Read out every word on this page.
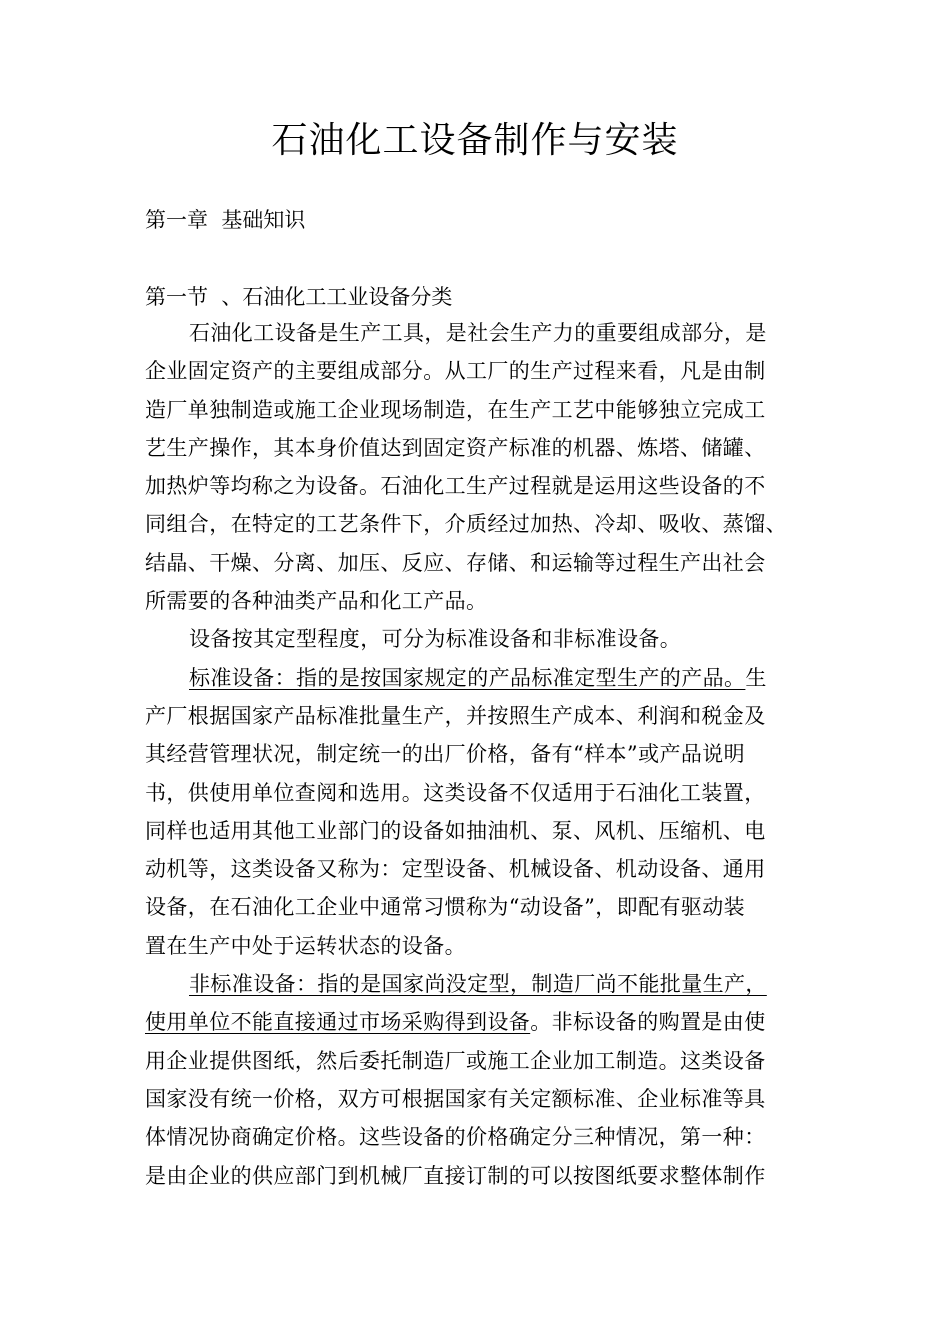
石油化工设备制作与安装
第一章  基础知识
第一节  、石油化工工业设备分类
石油化工设备是生产工具，是社会生产力的重要组成部分，是
企业固定资产的主要组成部分。从工厂的生产过程来看，凡是由制
造厂单独制造或施工企业现场制造，在生产工艺中能够独立完成工
艺生产操作，其本身价值达到固定资产标准的机器、炼塔、储罐、
加热炉等均称之为设备。石油化工生产过程就是运用这些设备的不
同组合，在特定的工艺条件下，介质经过加热、冷却、吸收、蒸馏、
结晶、干燥、分离、加压、反应、存储、和运输等过程生产出社会
所需要的各种油类产品和化工产品。
设备按其定型程度，可分为标准设备和非标准设备。
标准设备：指的是按国家规定的产品标准定型生产的产品。生
产厂根据国家产品标准批量生产，并按照生产成本、利润和税金及
其经营管理状况，制定统一的出厂价格，备有“样本”或产品说明
书，供使用单位查阅和选用。这类设备不仅适用于石油化工装置，
同样也适用其他工业部门的设备如抽油机、泵、风机、压缩机、电
动机等，这类设备又称为：定型设备、机械设备、机动设备、通用
设备，在石油化工企业中通常习惯称为“动设备”，即配有驱动装
置在生产中处于运转状态的设备。
非标准设备：指的是国家尚没定型，制造厂尚不能批量生产，
使用单位不能直接通过市场采购得到设备。非标设备的购置是由使
用企业提供图纸，然后委托制造厂或施工企业加工制造。这类设备
国家没有统一价格，双方可根据国家有关定额标准、企业标准等具
体情况协商确定价格。这些设备的价格确定分三种情况，第一种：
是由企业的供应部门到机械厂直接订制的可以按图纸要求整体制作
